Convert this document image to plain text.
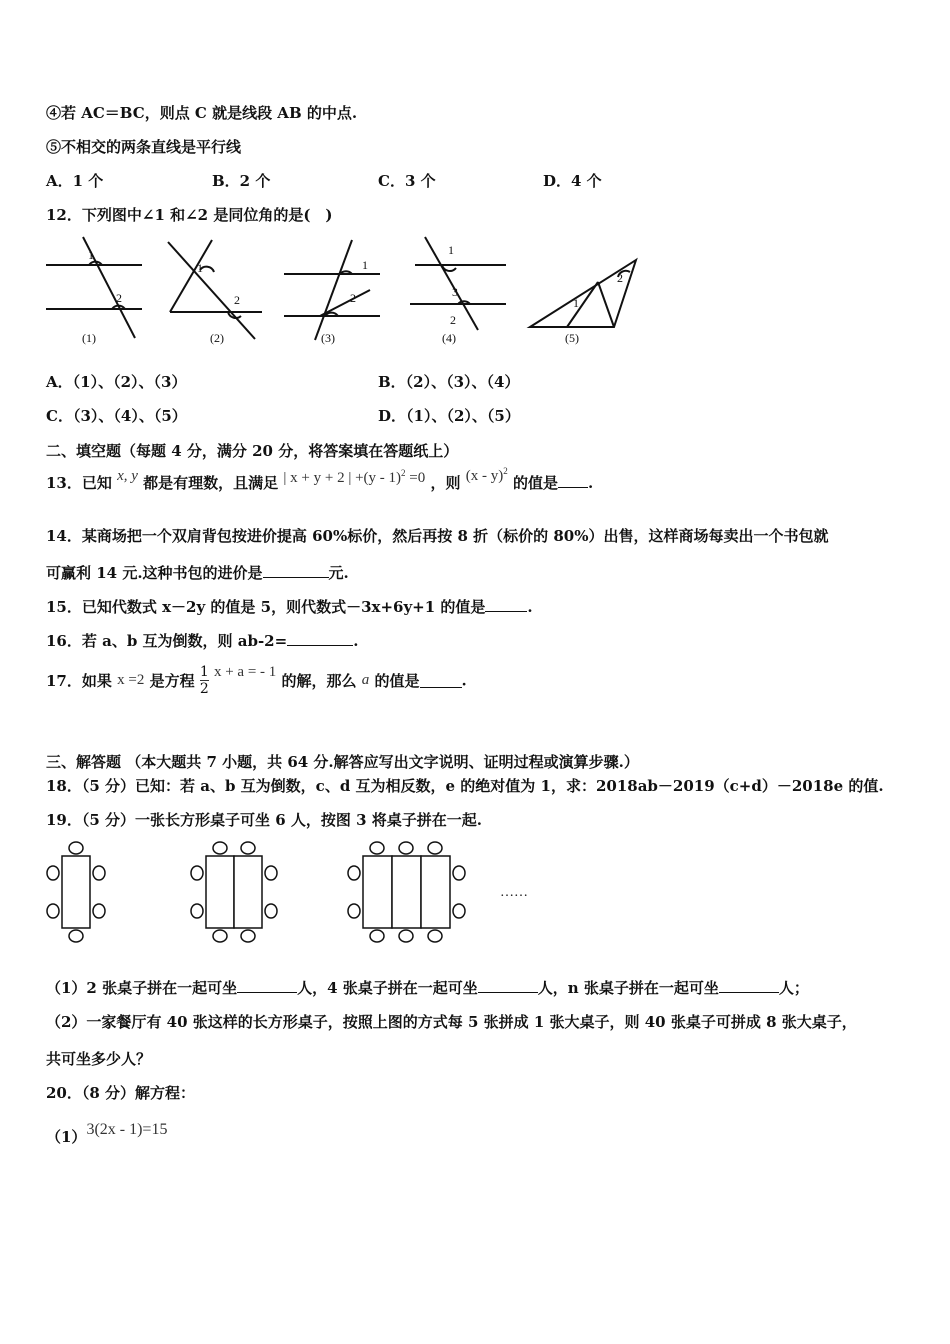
④若 AC＝BC，则点 C 就是线段 AB 的中点.
⑤不相交的两条直线是平行线
A．1 个	B．2 个	C．3 个	D．4 个
12．下列图中∠1 和∠2 是同位角的是(　)
1
2
1
2
1
2
1
3
2
1
2
(1)	(2)	(3)	(4)	(5)
A．（1）、（2）、（3）	B．（2）、（3）、（4）
C．（3）、（4）、（5）	D．（1）、（2）、（5）
二、填空题（每题 4 分，满分 20 分，将答案填在答题纸上）
13．已知 x, y 都是有理数，且满足 | x + y + 2 | +(y - 1)$^2$ =0 ，则 (x - y)$^2$ 的值是 .
14．某商场把一个双肩背包按进价提高 60%标价，然后再按 8 折（标价的 80%）出售，这样商场每卖出一个书包就
可赢利 14 元.这种书包的进价是	元.
15．已知代数式 x－2y 的值是 5，则代数式－3x+6y+1 的值是	.
16．若 a、b 互为倒数，则 ab-2=	.
17．如果 x =2 是方程 $\frac{1}{2}$ x + a = - 1 的解，那么 a 的值是	.
三、解答题 （本大题共 7 小题，共 64 分.解答应写出文字说明、证明过程或演算步骤.）
18．（5 分）已知：若 a、b 互为倒数，c、d 互为相反数，e 的绝对值为 1，求：2018ab－2019（c+d）－2018e 的值.
19．（5 分）一张长方形桌子可坐 6 人，按图 3 将桌子拼在一起.
……
（1）2 张桌子拼在一起可坐	人，4 张桌子拼在一起可坐	人，n 张桌子拼在一起可坐	人；
（2）一家餐厅有 40 张这样的长方形桌子，按照上图的方式每 5 张拼成 1 张大桌子，则 40 张桌子可拼成 8 张大桌子，
共可坐多少人？
20．（8 分）解方程：
（1）3(2x - 1)=15
